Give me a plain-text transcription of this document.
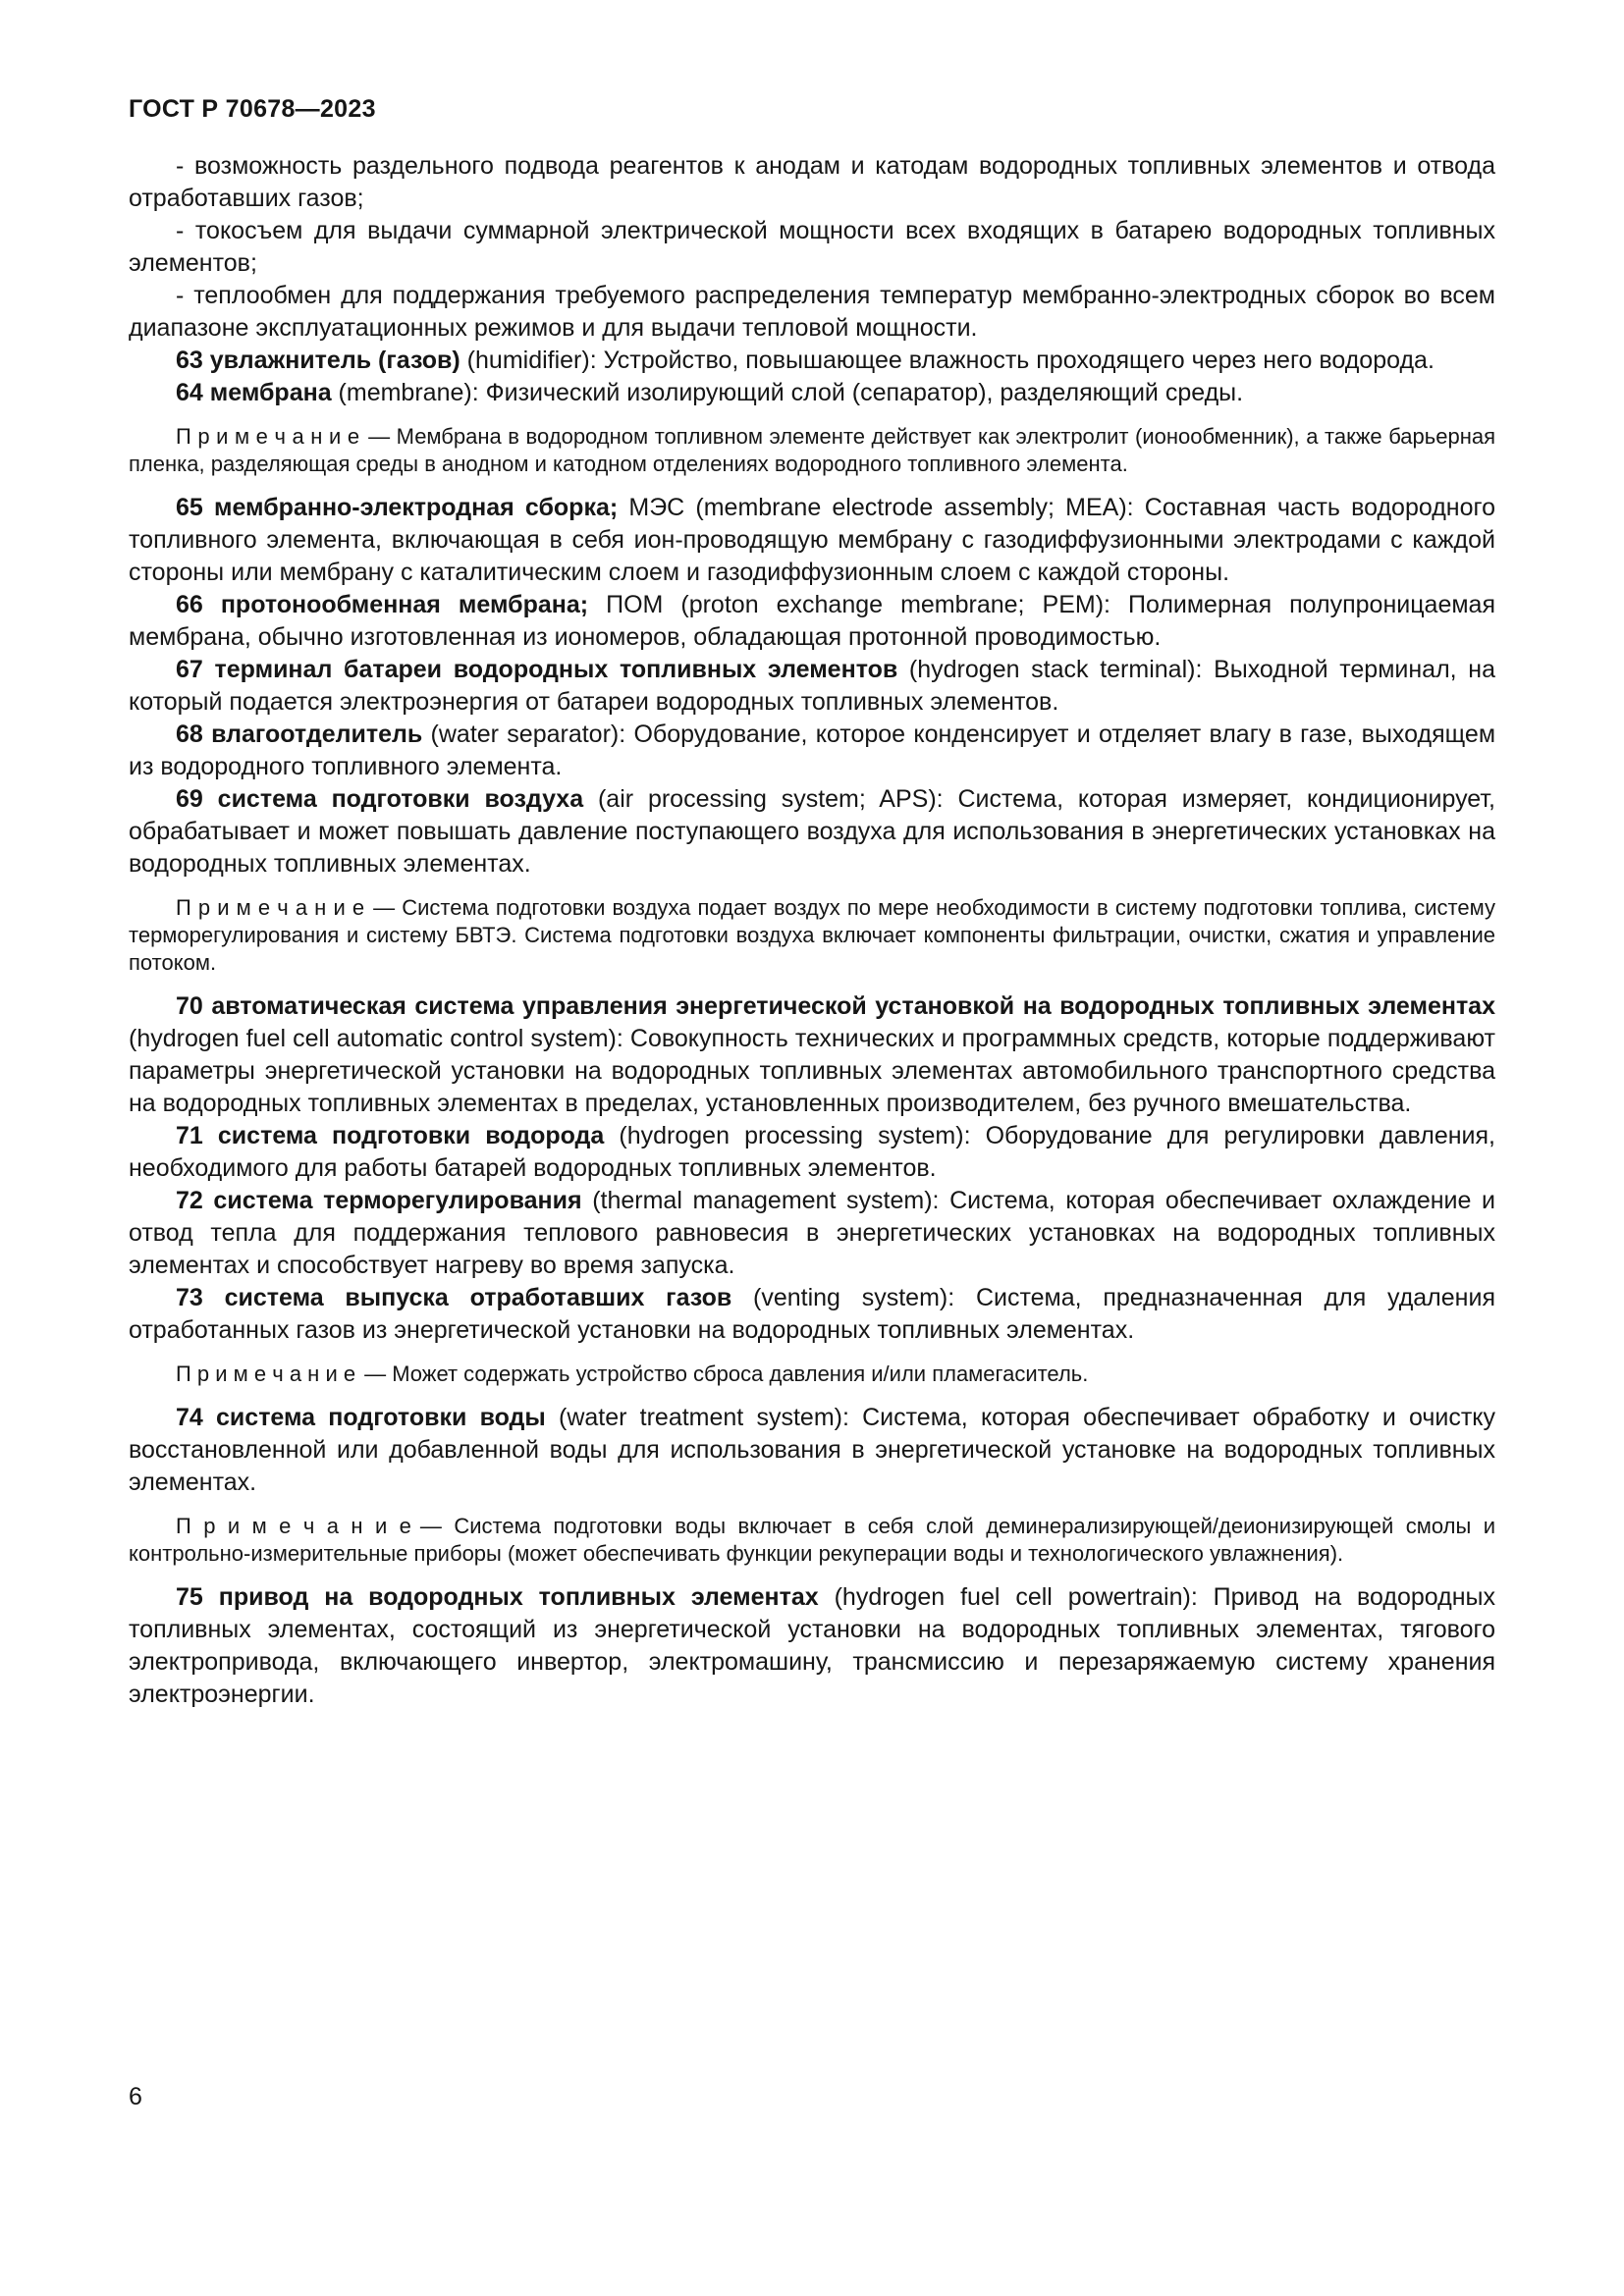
ГОСТ Р 70678—2023

- возможность раздельного подвода реагентов к анодам и катодам водородных топливных элементов и отвода отработавших газов;

- токосъем для выдачи суммарной электрической мощности всех входящих в батарею водородных топливных элементов;

- теплообмен для поддержания требуемого распределения температур мембранно-электродных сборок во всем диапазоне эксплуатационных режимов и для выдачи тепловой мощности.

63 увлажнитель (газов) (humidifier): Устройство, повышающее влажность проходящего через него водорода.

64 мембрана (membrane): Физический изолирующий слой (сепаратор), разделяющий среды.

П р и м е ч а н и е — Мембрана в водородном топливном элементе действует как электролит (ионообменник), а также барьерная пленка, разделяющая среды в анодном и катодном отделениях водородного топливного элемента.

65 мембранно-электродная сборка; МЭС (membrane electrode assembly; MEA): Составная часть водородного топливного элемента, включающая в себя ион-проводящую мембрану с газодиффузионными электродами с каждой стороны или мембрану с каталитическим слоем и газодиффузионным слоем с каждой стороны.

66 протонообменная мембрана; ПОМ (proton exchange membrane; PEM): Полимерная полупроницаемая мембрана, обычно изготовленная из иономеров, обладающая протонной проводимостью.

67 терминал батареи водородных топливных элементов (hydrogen stack terminal): Выходной терминал, на который подается электроэнергия от батареи водородных топливных элементов.

68 влагоотделитель (water separator): Оборудование, которое конденсирует и отделяет влагу в газе, выходящем из водородного топливного элемента.

69 система подготовки воздуха (air processing system; APS): Система, которая измеряет, кондиционирует, обрабатывает и может повышать давление поступающего воздуха для использования в энергетических установках на водородных топливных элементах.

П р и м е ч а н и е — Система подготовки воздуха подает воздух по мере необходимости в систему подготовки топлива, систему терморегулирования и систему БВТЭ. Система подготовки воздуха включает компоненты фильтрации, очистки, сжатия и управление потоком.

70 автоматическая система управления энергетической установкой на водородных топливных элементах (hydrogen fuel cell automatic control system): Совокупность технических и программных средств, которые поддерживают параметры энергетической установки на водородных топливных элементах автомобильного транспортного средства на водородных топливных элементах в пределах, установленных производителем, без ручного вмешательства.

71 система подготовки водорода (hydrogen processing system): Оборудование для регулировки давления, необходимого для работы батарей водородных топливных элементов.

72 система терморегулирования (thermal management system): Система, которая обеспечивает охлаждение и отвод тепла для поддержания теплового равновесия в энергетических установках на водородных топливных элементах и способствует нагреву во время запуска.

73 система выпуска отработавших газов (venting system): Система, предназначенная для удаления отработанных газов из энергетической установки на водородных топливных элементах.

П р и м е ч а н и е — Может содержать устройство сброса давления и/или пламегаситель.

74 система подготовки воды (water treatment system): Система, которая обеспечивает обработку и очистку восстановленной или добавленной воды для использования в энергетической установке на водородных топливных элементах.

П р и м е ч а н и е — Система подготовки воды включает в себя слой деминерализирующей/деионизирующей смолы и контрольно-измерительные приборы (может обеспечивать функции рекуперации воды и технологического увлажнения).

75 привод на водородных топливных элементах (hydrogen fuel cell powertrain): Привод на водородных топливных элементах, состоящий из энергетической установки на водородных топливных элементах, тягового электропривода, включающего инвертор, электромашину, трансмиссию и перезаряжаемую систему хранения электроэнергии.

6
